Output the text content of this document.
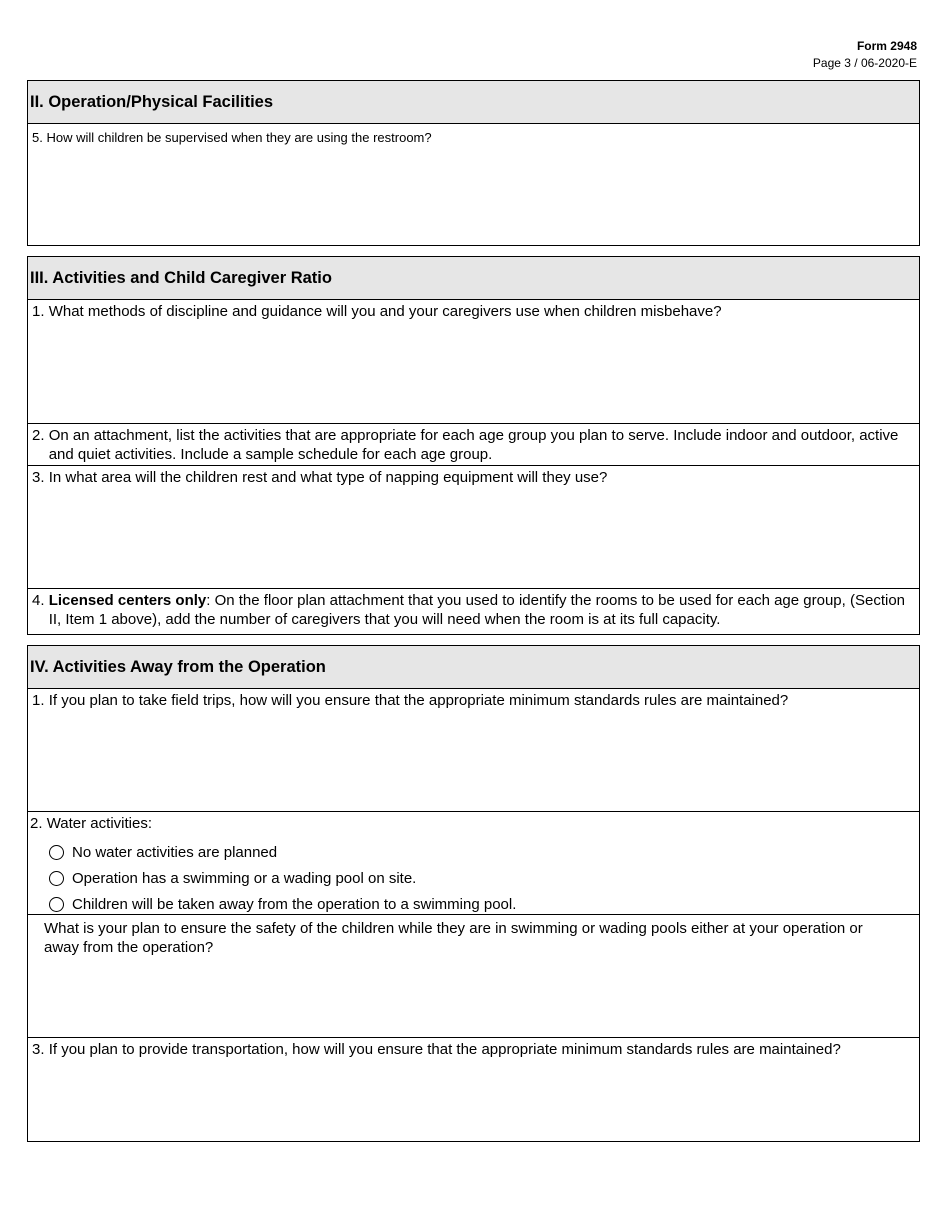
Form 2948
Page 3 / 06-2020-E
II. Operation/Physical Facilities
5. How will children be supervised when they are using the restroom?
III. Activities and Child Caregiver Ratio
1. What methods of discipline and guidance will you and your caregivers use when children misbehave?
2. On an attachment, list the activities that are appropriate for each age group you plan to serve. Include indoor and outdoor, active and quiet activities. Include a sample schedule for each age group.
3. In what area will the children rest and what type of napping equipment will they use?
4. Licensed centers only: On the floor plan attachment that you used to identify the rooms to be used for each age group, (Section II, Item 1 above), add the number of caregivers that you will need when the room is at its full capacity.
IV. Activities Away from the Operation
1. If you plan to take field trips, how will you ensure that the appropriate minimum standards rules are maintained?
2. Water activities:
No water activities are planned
Operation has a swimming or a wading pool on site.
Children will be taken away from the operation to a swimming pool.
What is your plan to ensure the safety of the children while they are in swimming or wading pools either at your operation or away from the operation?
3. If you plan to provide transportation, how will you ensure that the appropriate minimum standards rules are maintained?
